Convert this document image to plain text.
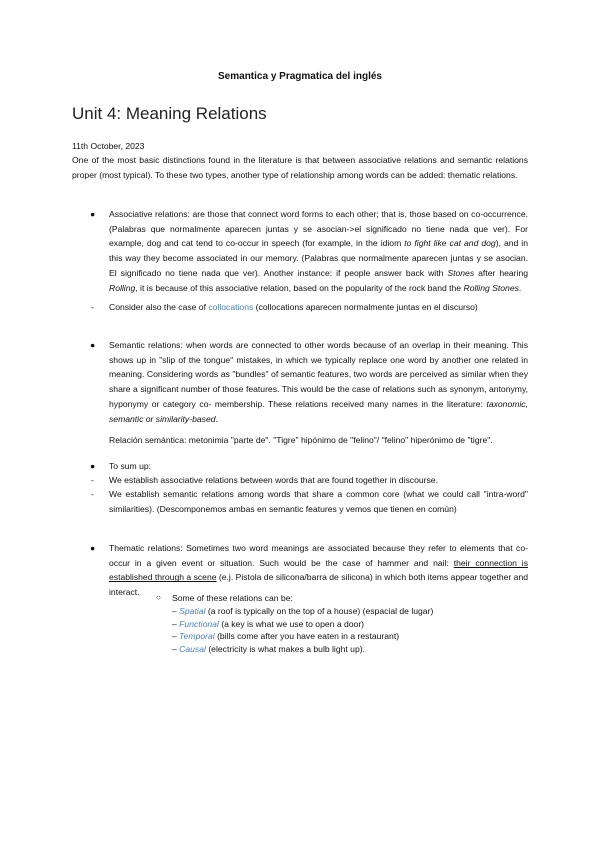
Semantica y Pragmatica del inglés
Unit 4: Meaning Relations

11th October, 2023

One of the most basic distinctions found in the literature is that between associative relations and semantic relations proper (most typical). To these two types, another type of relationship among words can be added: thematic relations.

● Associative relations: are those that connect word forms to each other; that is, those based on co-occurrence. (Palabras que normalmente aparecen juntas y se asocian->el significado no tiene nada que ver). For example, dog and cat tend to co-occur in speech (for example, in the idiom to fight like cat and dog), and in this way they become associated in our memory. (Palabras que normalmente aparecen juntas y se asocian. El significado no tiene nada que ver). Another instance: if people answer back with Stones after hearing Rolling, it is because of this associative relation, based on the popularity of the rock band the Rolling Stones.

- Consider also the case of collocations (collocations aparecen normalmente juntas en el discurso)

● Semantic relations: when words are connected to other words because of an overlap in their meaning. This shows up in "slip of the tongue" mistakes, in which we typically replace one word by another one related in meaning. Considering words as "bundles" of semantic features, two words are perceived as similar when they share a significant number of those features. This would be the case of relations such as synonym, antonymy, hyponymy or category co- membership. These relations received many names in the literature: taxonomic, semantic or similarity-based.

Relación semántica: metonimia "parte de". "Tigre" hipónimo de "felino"/ "felino" hiperónimo de "tigre".

● To sum up:

- We establish associative relations between words that are found together in discourse.

- We establish semantic relations among words that share a common core (what we could call "intra-word" similarities). (Descomponemos ambas en semantic features y vemos que tienen en común)

● Thematic relations: Sometimes two word meanings are associated because they refer to elements that co-occur in a given event or situation. Such would be the case of hammer and nail: their connection is established through a scene (e.j. Pistola de silicona/barra de silicona) in which both items appear together and interact.

○ Some of these relations can be:
– Spatial (a roof is typically on the top of a house) (espacial de lugar)
– Functional (a key is what we use to open a door)
– Temporal (bills come after you have eaten in a restaurant)
– Causal (electricity is what makes a bulb light up).
